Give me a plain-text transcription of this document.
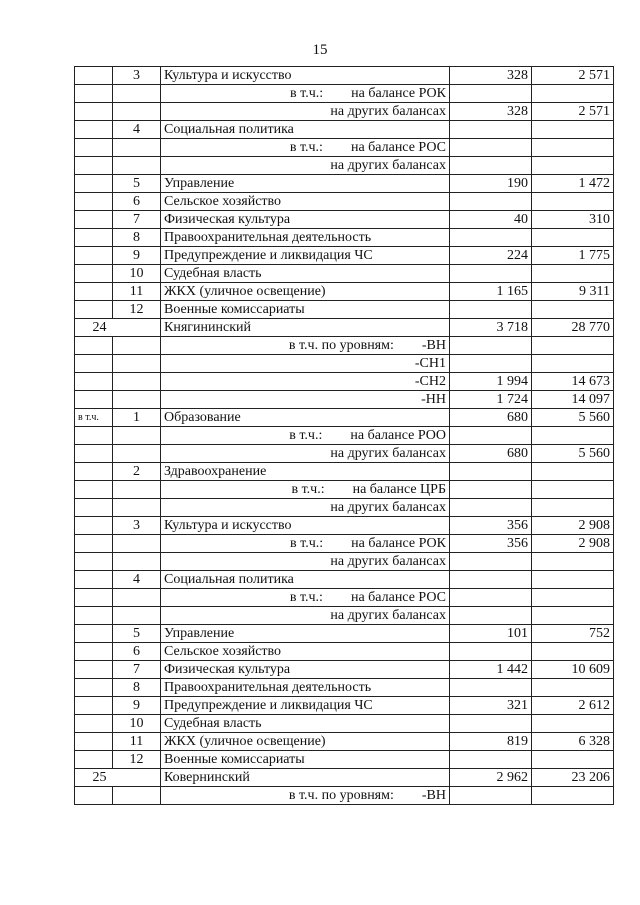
15
	3	Культура и искусство	328	2 571
		в т.ч.: на балансе РОК		
		на других балансах	328	2 571
	4	Социальная политика		
		в т.ч.: на балансе РОС		
		на других балансах		
	5	Управление	190	1 472
	6	Сельское хозяйство		
	7	Физическая культура	40	310
	8	Правоохранительная деятельность		
	9	Предупреждение и ликвидация ЧС	224	1 775
	10	Судебная власть		
	11	ЖКХ (уличное освещение)	1 165	9 311
	12	Военные комиссариаты		
24		Княгининский	3 718	28 770
		в т.ч. по уровням: -ВН		
		-СН1		
		-СН2	1 994	14 673
		-НН	1 724	14 097
в т.ч.	1	Образование	680	5 560
		в т.ч.: на балансе РОО		
		на других балансах	680	5 560
	2	Здравоохранение		
		в т.ч.: на балансе ЦРБ		
		на других балансах		
	3	Культура и искусство	356	2 908
		в т.ч.: на балансе РОК	356	2 908
		на других балансах		
	4	Социальная политика		
		в т.ч.: на балансе РОС		
		на других балансах		
	5	Управление	101	752
	6	Сельское хозяйство		
	7	Физическая культура	1 442	10 609
	8	Правоохранительная деятельность		
	9	Предупреждение и ликвидация ЧС	321	2 612
	10	Судебная власть		
	11	ЖКХ (уличное освещение)	819	6 328
	12	Военные комиссариаты		
25		Ковернинский	2 962	23 206
		в т.ч. по уровням: -ВН		
